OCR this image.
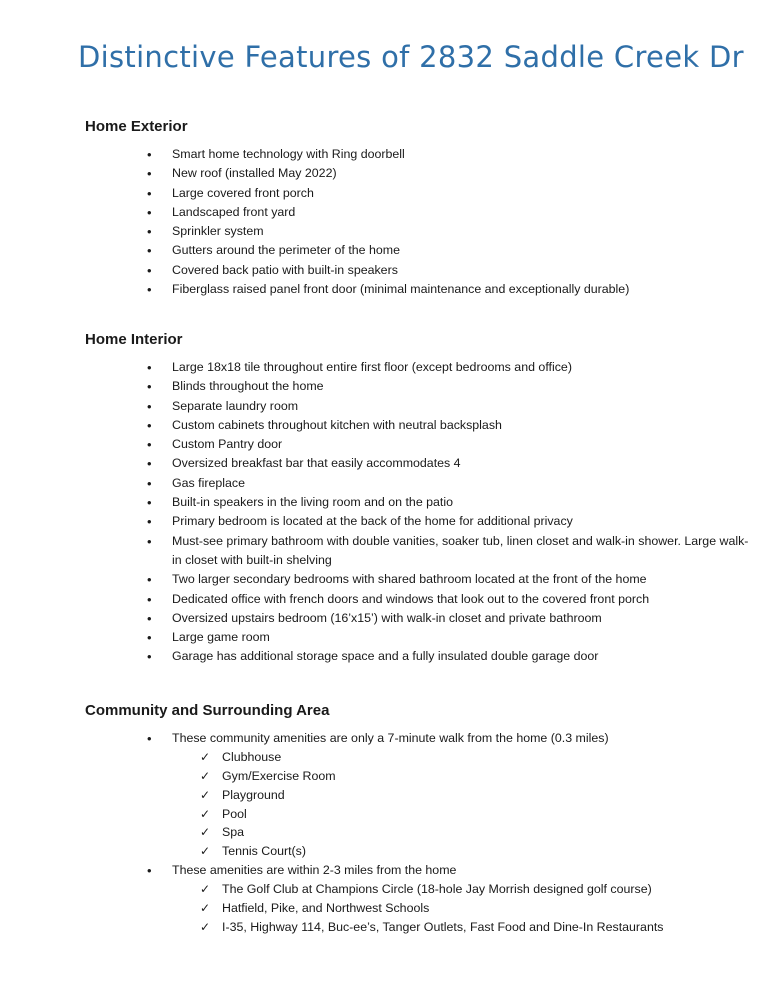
Distinctive Features of 2832 Saddle Creek Dr
Home Exterior
• Smart home technology with Ring doorbell
• New roof (installed May 2022)
• Large covered front porch
• Landscaped front yard
• Sprinkler system
• Gutters around the perimeter of the home
• Covered back patio with built-in speakers
• Fiberglass raised panel front door (minimal maintenance and exceptionally durable)
Home Interior
• Large 18x18 tile throughout entire first floor (except bedrooms and office)
• Blinds throughout the home
• Separate laundry room
• Custom cabinets throughout kitchen with neutral backsplash
• Custom Pantry door
• Oversized breakfast bar that easily accommodates 4
• Gas fireplace
• Built-in speakers in the living room and on the patio
• Primary bedroom is located at the back of the home for additional privacy
• Must-see primary bathroom with double vanities, soaker tub, linen closet and walk-in shower. Large walk-in closet with built-in shelving
• Two larger secondary bedrooms with shared bathroom located at the front of the home
• Dedicated office with french doors and windows that look out to the covered front porch
• Oversized upstairs bedroom (16’x15’) with walk-in closet and private bathroom
• Large game room
• Garage has additional storage space and a fully insulated double garage door
Community and Surrounding Area
• These community amenities are only a 7-minute walk from the home (0.3 miles)
✓ Clubhouse
✓ Gym/Exercise Room
✓ Playground
✓ Pool
✓ Spa
✓ Tennis Court(s)
• These amenities are within 2-3 miles from the home
✓ The Golf Club at Champions Circle (18-hole Jay Morrish designed golf course)
✓ Hatfield, Pike, and Northwest Schools
✓ I-35, Highway 114, Buc-ee’s, Tanger Outlets, Fast Food and Dine-In Restaurants
